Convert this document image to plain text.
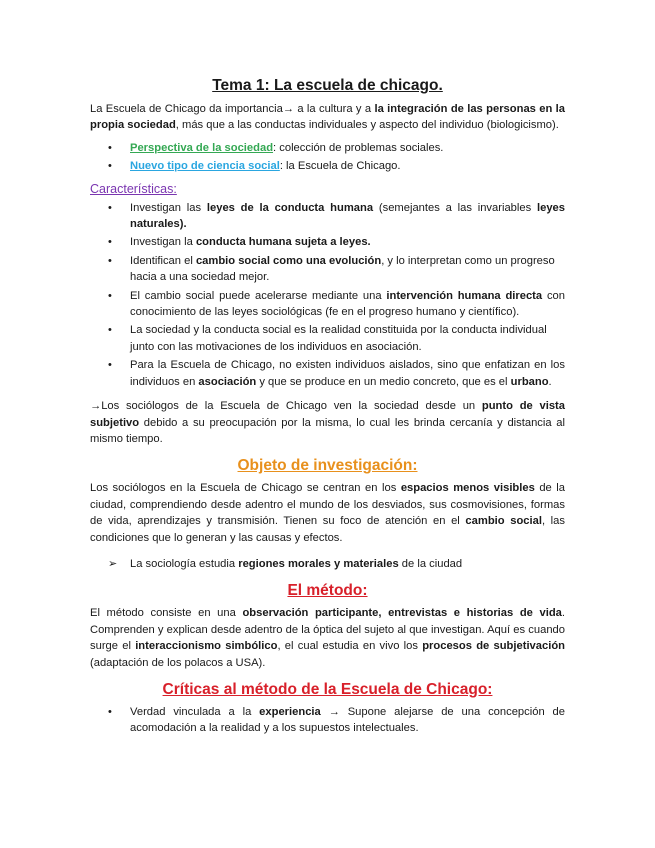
Tema 1: La escuela de chicago.

La Escuela de Chicago da importancia→ a la cultura y a la integración de las personas en la propia sociedad, más que a las conductas individuales y aspecto del individuo (biologicismo).

• Perspectiva de la sociedad: colección de problemas sociales.
• Nuevo tipo de ciencia social: la Escuela de Chicago.
Características:
• Investigan las leyes de la conducta humana (semejantes a las invariables leyes naturales).
• Investigan la conducta humana sujeta a leyes.
• Identifican el cambio social como una evolución, y lo interpretan como un progreso hacia a una sociedad mejor.
• El cambio social puede acelerarse mediante una intervención humana directa con conocimiento de las leyes sociológicas (fe en el progreso humano y científico).
• La sociedad y la conducta social es la realidad constituida por la conducta individual junto con las motivaciones de los individuos en asociación.
• Para la Escuela de Chicago, no existen individuos aislados, sino que enfatizan en los individuos en asociación y que se produce en un medio concreto, que es el urbano.

→Los sociólogos de la Escuela de Chicago ven la sociedad desde un punto de vista subjetivo debido a su preocupación por la misma, lo cual les brinda cercanía y distancia al mismo tiempo.

Objeto de investigación:

Los sociólogos en la Escuela de Chicago se centran en los espacios menos visibles de la ciudad, comprendiendo desde adentro el mundo de los desviados, sus cosmovisiones, formas de vida, aprendizajes y transmisión. Tienen su foco de atención en el cambio social, las condiciones que lo generan y las causas y efectos.

➢ La sociología estudia regiones morales y materiales de la ciudad
El método:

El método consiste en una observación participante, entrevistas e historias de vida. Comprenden y explican desde adentro de la óptica del sujeto al que investigan. Aquí es cuando surge el interaccionismo simbólico, el cual estudia en vivo los procesos de subjetivación (adaptación de los polacos a USA).

Críticas al método de la Escuela de Chicago:
• Verdad vinculada a la experiencia → Supone alejarse de una concepción de acomodación a la realidad y a los supuestos intelectuales.
